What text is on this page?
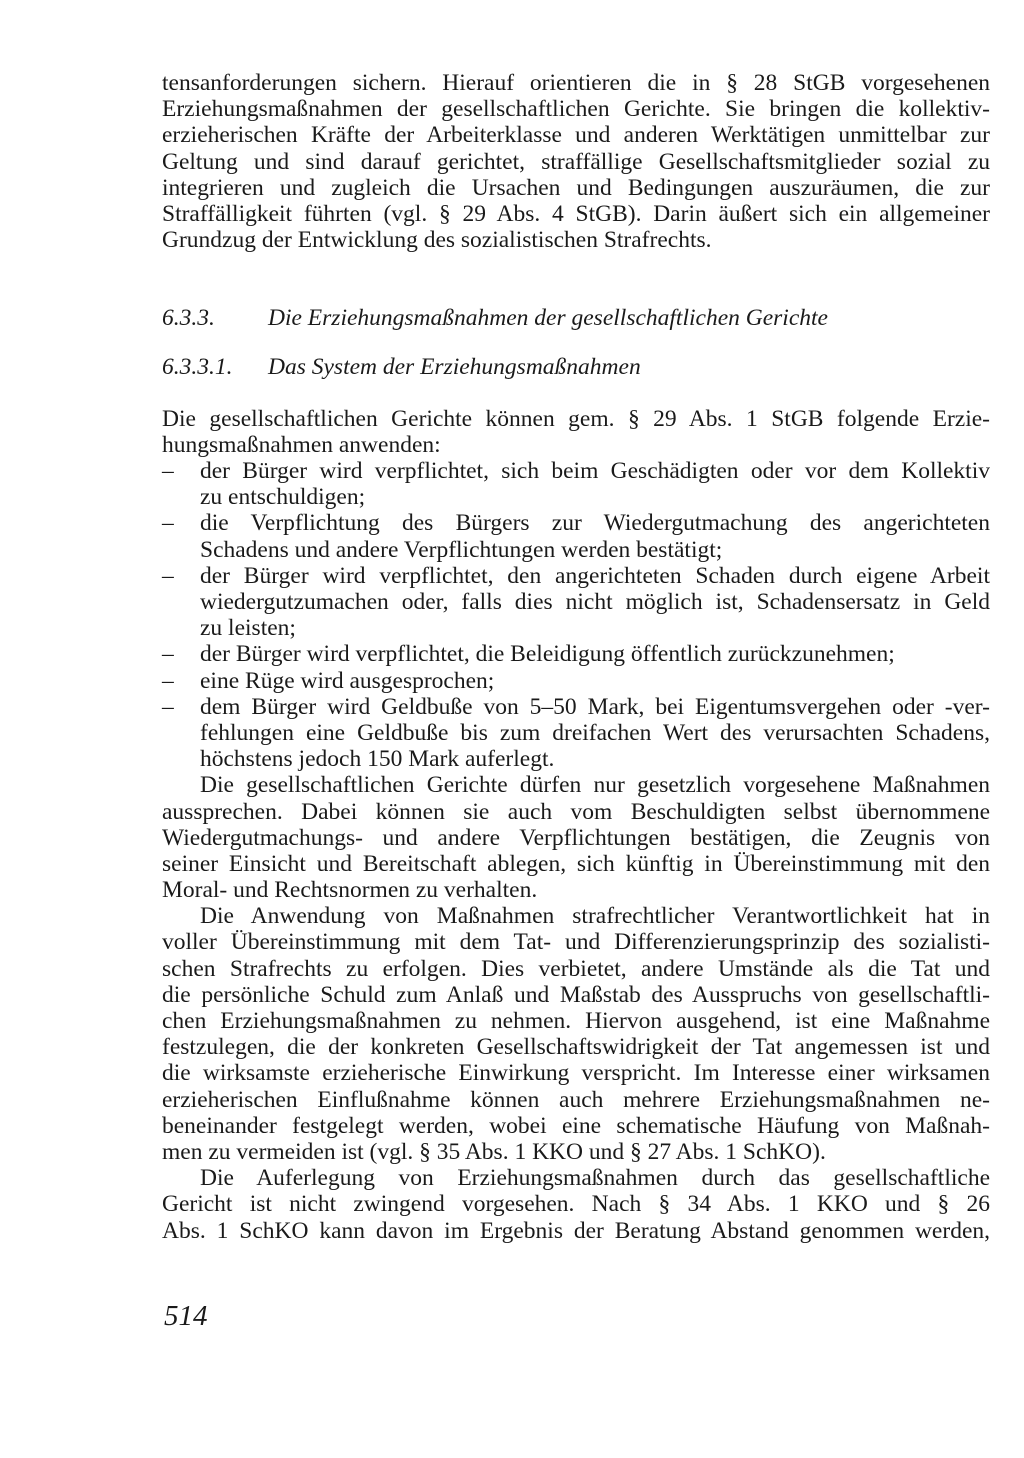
tensanforderungen sichern. Hierauf orientieren die in § 28 StGB vorgesehenen
Erziehungsmaßnahmen der gesellschaftlichen Gerichte. Sie bringen die kollektiv-
erzieherischen Kräfte der Arbeiterklasse und anderen Werktätigen unmittelbar zur
Geltung und sind darauf gerichtet, straffällige Gesellschaftsmitglieder sozial zu
integrieren und zugleich die Ursachen und Bedingungen auszuräumen, die zur
Straffälligkeit führten (vgl. § 29 Abs. 4 StGB). Darin äußert sich ein allgemeiner
Grundzug der Entwicklung des sozialistischen Strafrechts.
6.3.3. Die Erziehungsmaßnahmen der gesellschaftlichen Gerichte
6.3.3.1. Das System der Erziehungsmaßnahmen
Die gesellschaftlichen Gerichte können gem. § 29 Abs. 1 StGB folgende Erzie-
hungsmaßnahmen anwenden:
– der Bürger wird verpflichtet, sich beim Geschädigten oder vor dem Kollektiv
zu entschuldigen;
– die Verpflichtung des Bürgers zur Wiedergutmachung des angerichteten
Schadens und andere Verpflichtungen werden bestätigt;
– der Bürger wird verpflichtet, den angerichteten Schaden durch eigene Arbeit
wiedergutzumachen oder, falls dies nicht möglich ist, Schadensersatz in Geld
zu leisten;
– der Bürger wird verpflichtet, die Beleidigung öffentlich zurückzunehmen;
– eine Rüge wird ausgesprochen;
– dem Bürger wird Geldbuße von 5–50 Mark, bei Eigentumsvergehen oder -ver-
fehlungen eine Geldbuße bis zum dreifachen Wert des verursachten Schadens,
höchstens jedoch 150 Mark auferlegt.
Die gesellschaftlichen Gerichte dürfen nur gesetzlich vorgesehene Maßnahmen
aussprechen. Dabei können sie auch vom Beschuldigten selbst übernommene
Wiedergutmachungs- und andere Verpflichtungen bestätigen, die Zeugnis von
seiner Einsicht und Bereitschaft ablegen, sich künftig in Übereinstimmung mit den
Moral- und Rechtsnormen zu verhalten.
Die Anwendung von Maßnahmen strafrechtlicher Verantwortlichkeit hat in
voller Übereinstimmung mit dem Tat- und Differenzierungsprinzip des sozialisti-
schen Strafrechts zu erfolgen. Dies verbietet, andere Umstände als die Tat und
die persönliche Schuld zum Anlaß und Maßstab des Ausspruchs von gesellschaftli-
chen Erziehungsmaßnahmen zu nehmen. Hiervon ausgehend, ist eine Maßnahme
festzulegen, die der konkreten Gesellschaftswidrigkeit der Tat angemessen ist und
die wirksamste erzieherische Einwirkung verspricht. Im Interesse einer wirksamen
erzieherischen Einflußnahme können auch mehrere Erziehungsmaßnahmen ne-
beneinander festgelegt werden, wobei eine schematische Häufung von Maßnah-
men zu vermeiden ist (vgl. § 35 Abs. 1 KKO und § 27 Abs. 1 SchKO).
Die Auferlegung von Erziehungsmaßnahmen durch das gesellschaftliche
Gericht ist nicht zwingend vorgesehen. Nach § 34 Abs. 1 KKO und § 26
Abs. 1 SchKO kann davon im Ergebnis der Beratung Abstand genommen werden,
514
